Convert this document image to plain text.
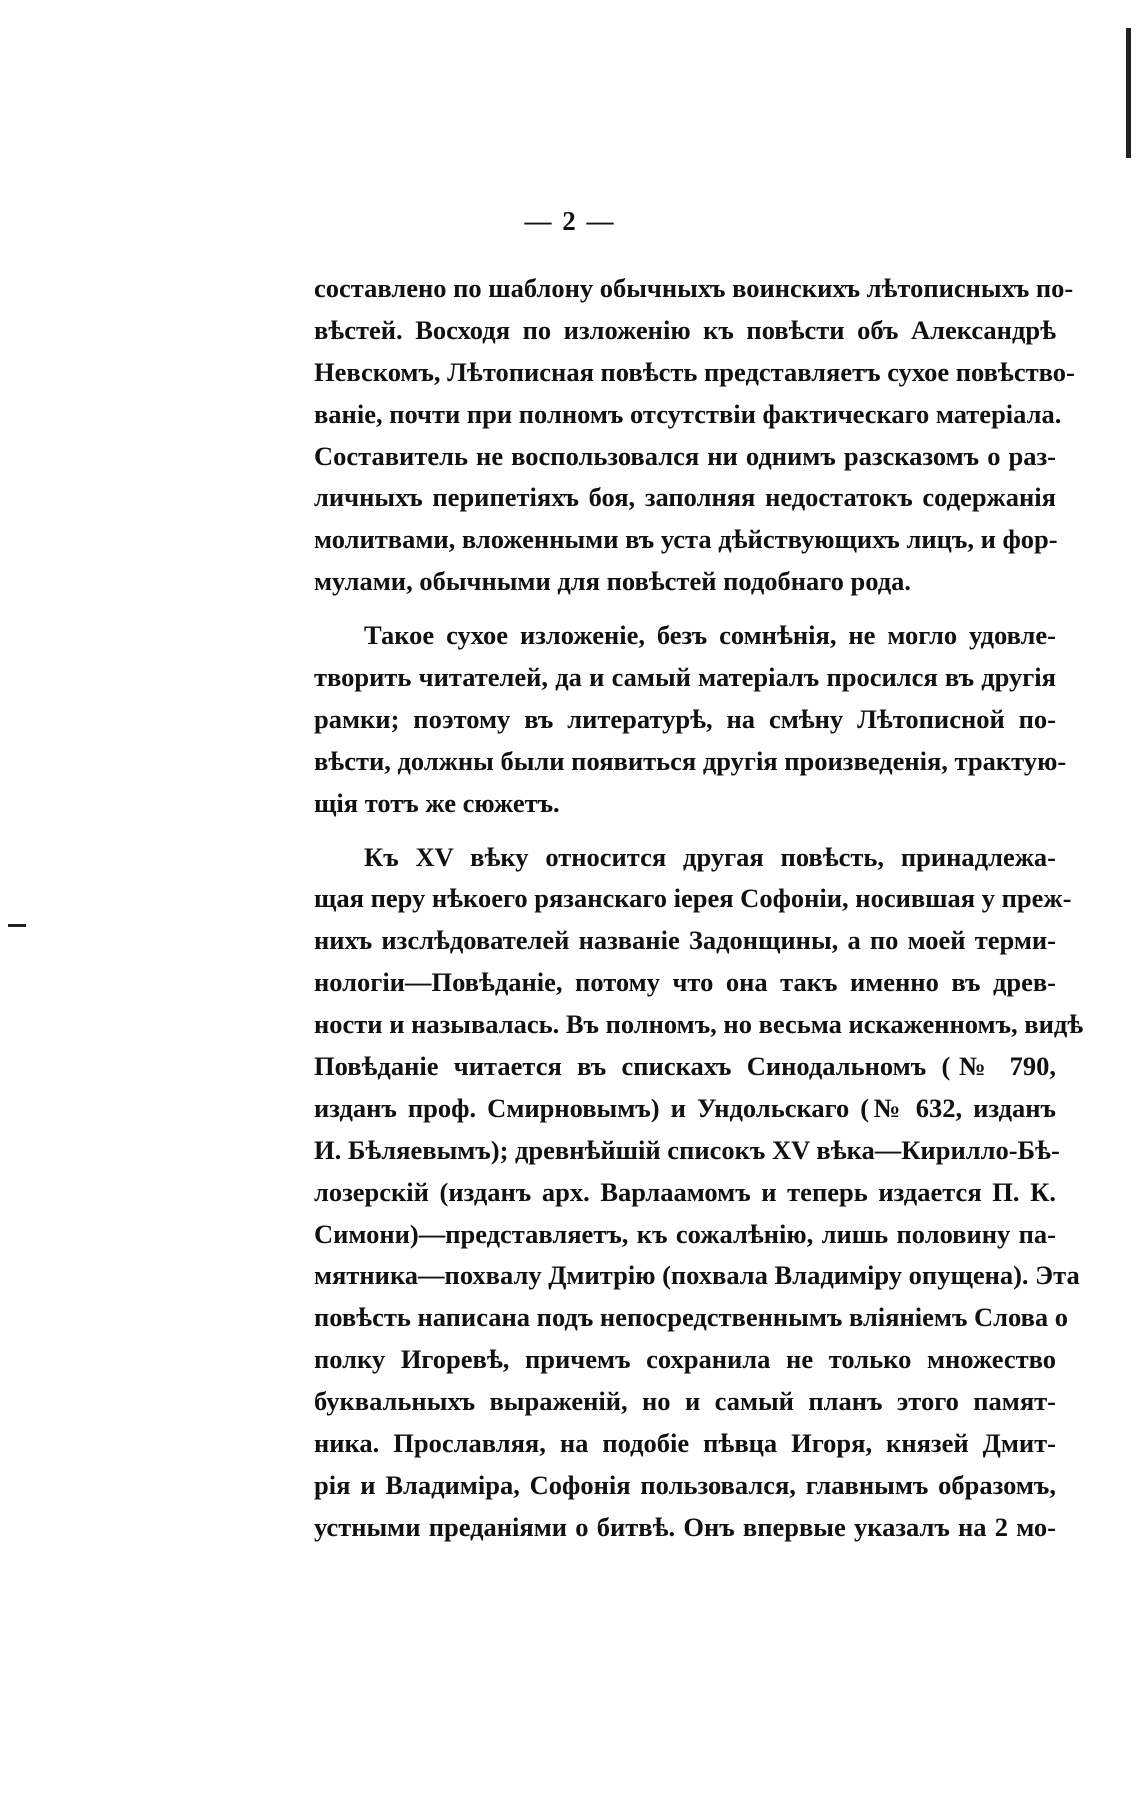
— 2 —
составлено по шаблону обычныхъ воинскихъ лѣтописныхъ по-
вѣстей. Восходя по изложенію къ повѣсти объ Александрѣ
Невскомъ, Лѣтописная повѣсть представляетъ сухое повѣство-
ваніе, почти при полномъ отсутствіи фактическаго матеріала.
Составитель не воспользовался ни однимъ разсказомъ о раз-
личныхъ перипетіяхъ боя, заполняя недостатокъ содержанія
молитвами, вложенными въ уста дѣйствующихъ лицъ, и фор-
мулами, обычными для повѣстей подобнаго рода.
Такое сухое изложеніе, безъ сомнѣнія, не могло удовле-
творить читателей, да и самый матеріалъ просился въ другія
рамки; поэтому въ литературѣ, на смѣну Лѣтописной по-
вѣсти, должны были появиться другія произведенія, трактую-
щія тотъ же сюжетъ.
Къ XV вѣку относится другая повѣсть, принадлежа-
щая перу нѣкоего рязанскаго іерея Софоніи, носившая у преж-
нихъ изслѣдователей названіе Задонщины, а по моей терми-
нологіи—Повѣданіе, потому что она такъ именно въ древ-
ности и называлась. Въ полномъ, но весьма искаженномъ, видѣ
Повѣданіе читается въ спискахъ Синодальномъ (№ 790,
изданъ проф. Смирновымъ) и Ундольскаго (№ 632, изданъ
И. Бѣляевымъ); древнѣйшій списокъ XV вѣка—Кирилло-Бѣ-
лозерскій (изданъ арх. Варлаамомъ и теперь издается П. К.
Симони)—представляетъ, къ сожалѣнію, лишь половину па-
мятника—похвалу Дмитрію (похвала Владиміру опущена). Эта
повѣсть написана подъ непосредственнымъ вліяніемъ Слова о
полку Игоревѣ, причемъ сохранила не только множество
буквальныхъ выраженій, но и самый планъ этого памят-
ника. Прославляя, на подобіе пѣвца Игоря, князей Дмит-
рія и Владиміра, Софонія пользовался, главнымъ образомъ,
устными преданіями о битвѣ. Онъ впервые указалъ на 2 мо-
